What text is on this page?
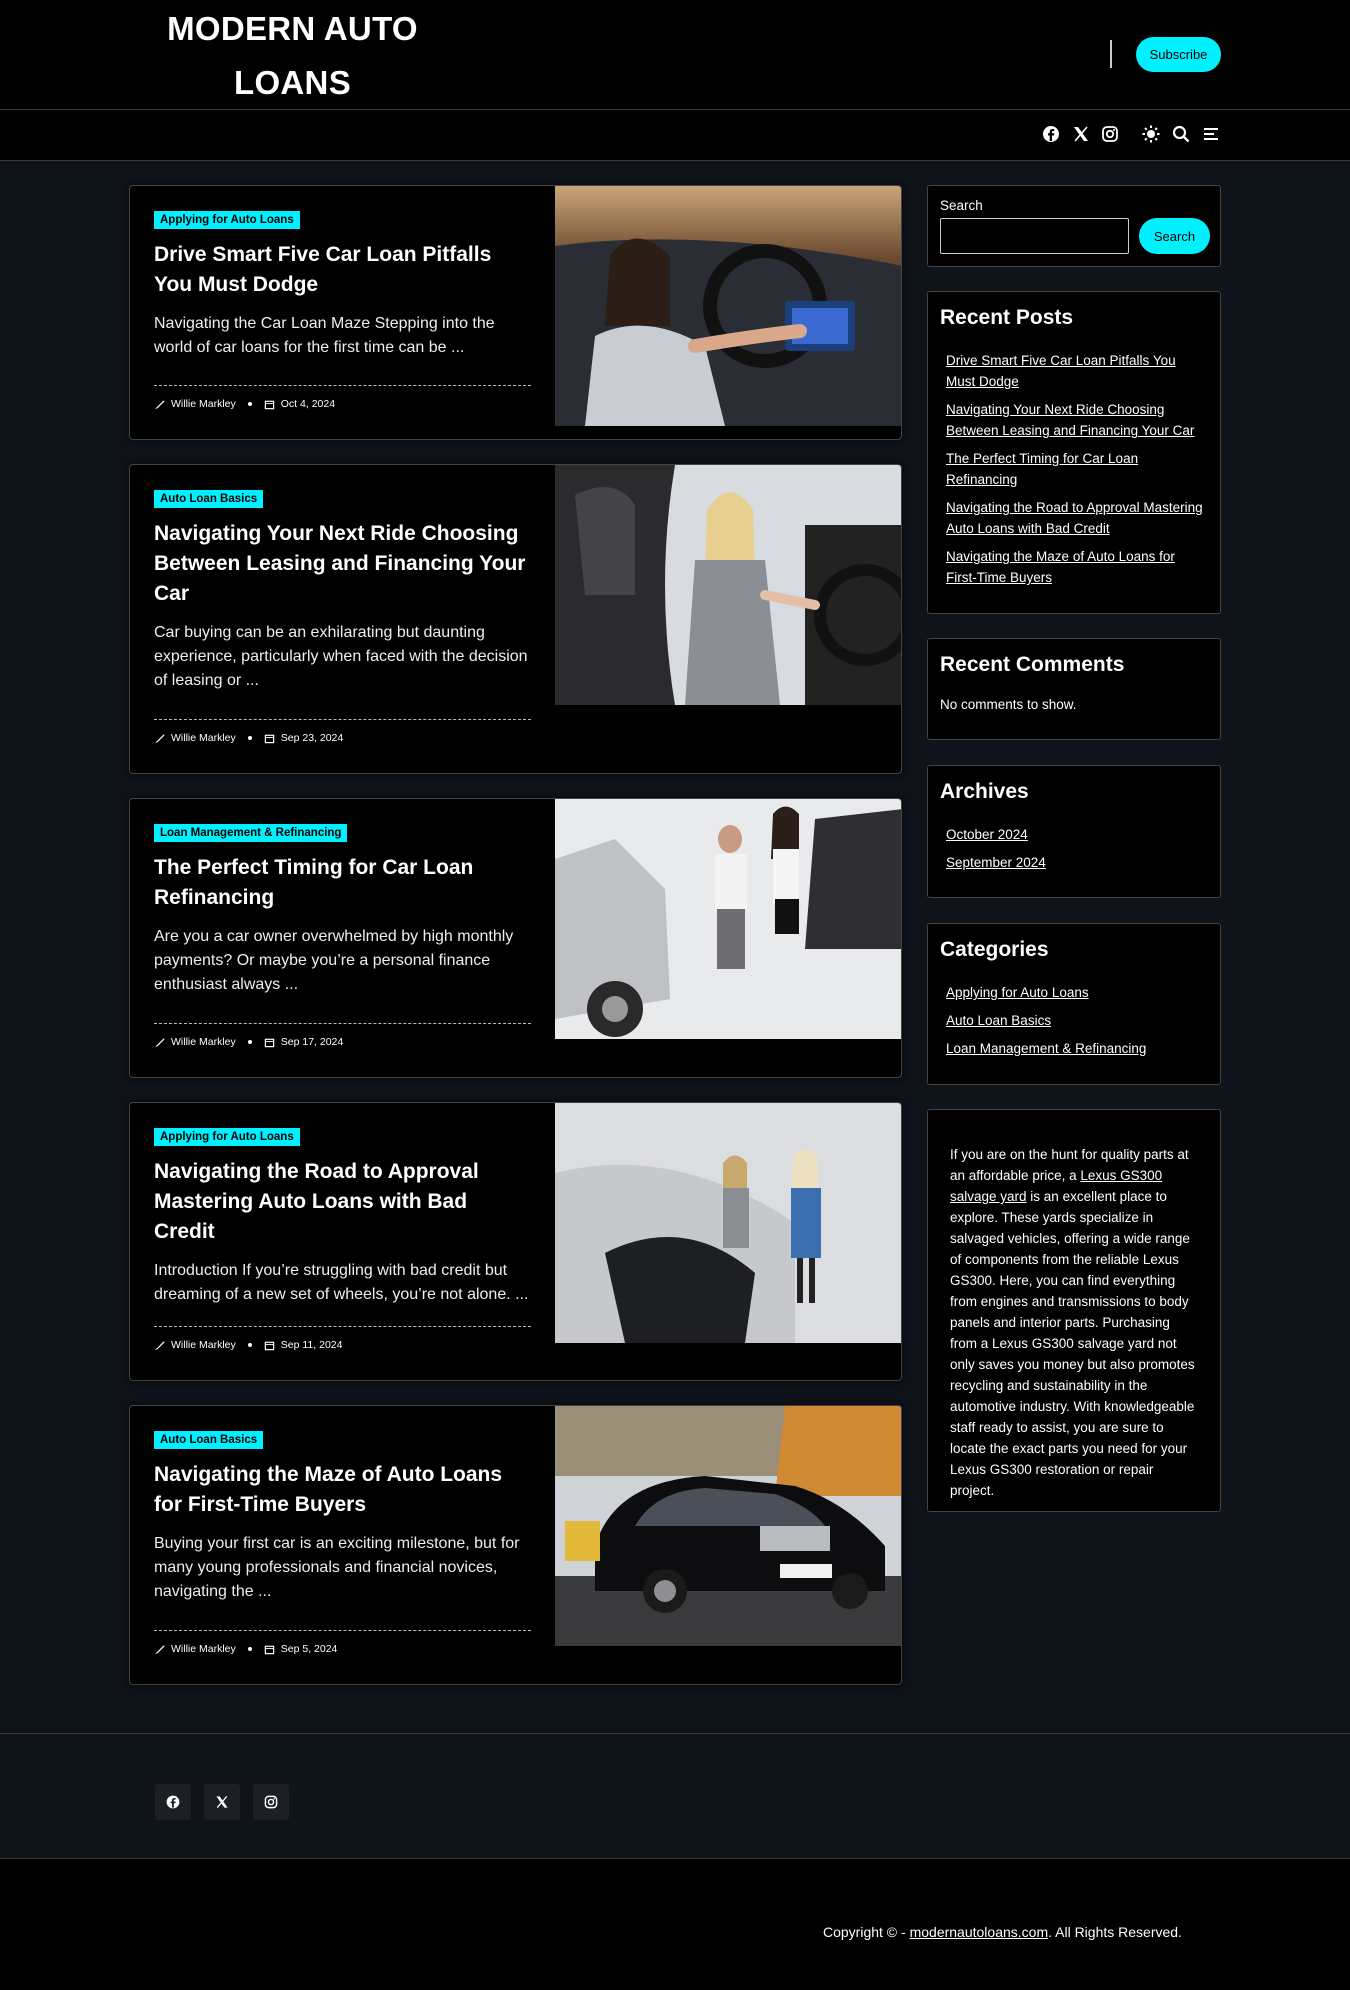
MODERN AUTO LOANS
Subscribe
Applying for Auto Loans
Drive Smart Five Car Loan Pitfalls You Must Dodge

Navigating the Car Loan Maze Stepping into the world of car loans for the first time can be ...

Willie Markley	Oct 4, 2024
Auto Loan Basics
Navigating Your Next Ride Choosing Between Leasing and Financing Your Car

Car buying can be an exhilarating but daunting experience, particularly when faced with the decision of leasing or ...

Willie Markley	Sep 23, 2024
Loan Management & Refinancing
The Perfect Timing for Car Loan Refinancing

Are you a car owner overwhelmed by high monthly payments? Or maybe you’re a personal finance enthusiast always ...

Willie Markley	Sep 17, 2024
Applying for Auto Loans
Navigating the Road to Approval Mastering Auto Loans with Bad Credit

Introduction If you’re struggling with bad credit but dreaming of a new set of wheels, you’re not alone. ...

Willie Markley	Sep 11, 2024
Auto Loan Basics
Navigating the Maze of Auto Loans for First-Time Buyers

Buying your first car is an exciting milestone, but for many young professionals and financial novices, navigating the ...

Willie Markley	Sep 5, 2024
Search
Search
Recent Posts
Drive Smart Five Car Loan Pitfalls You Must Dodge
Navigating Your Next Ride Choosing Between Leasing and Financing Your Car
The Perfect Timing for Car Loan Refinancing
Navigating the Road to Approval Mastering Auto Loans with Bad Credit
Navigating the Maze of Auto Loans for First-Time Buyers
Recent Comments

No comments to show.

Archives
October 2024
September 2024
Categories
Applying for Auto Loans
Auto Loan Basics
Loan Management & Refinancing

If you are on the hunt for quality parts at an affordable price, a Lexus GS300 salvage yard is an excellent place to explore. These yards specialize in salvaged vehicles, offering a wide range of components from the reliable Lexus GS300. Here, you can find everything from engines and transmissions to body panels and interior parts. Purchasing from a Lexus GS300 salvage yard not only saves you money but also promotes recycling and sustainability in the automotive industry. With knowledgeable staff ready to assist, you are sure to locate the exact parts you need for your Lexus GS300 restoration or repair project.

Copyright © - modernautoloans.com. All Rights Reserved.
